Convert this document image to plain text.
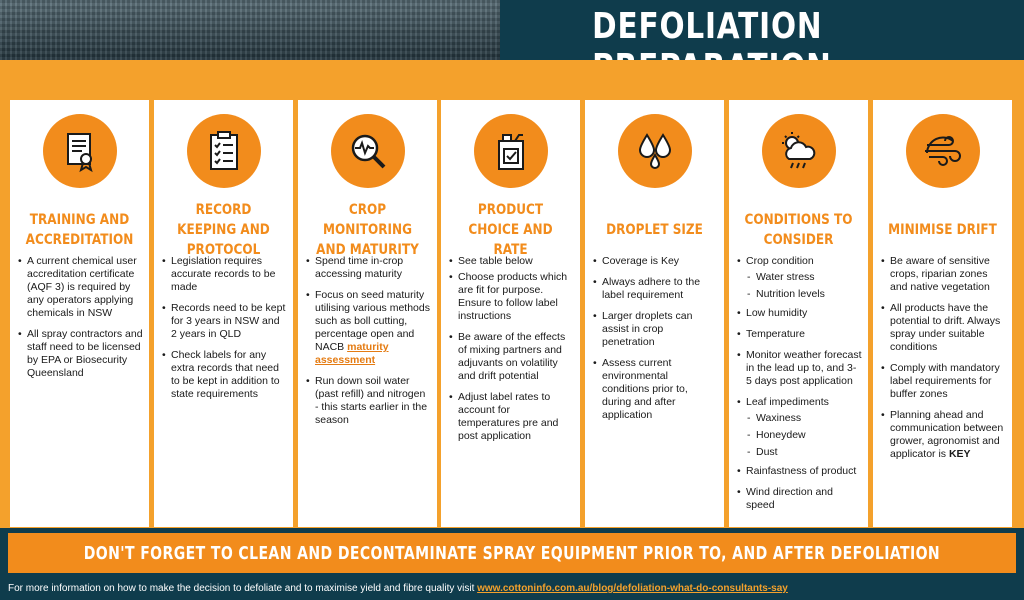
DEFOLIATION
TRAINING AND ACCREDITATION
• A current chemical user accreditation certificate (AQF 3) is required by any operators applying chemicals in NSW
• All spray contractors and staff need to be licensed by EPA or Biosecurity Queensland
RECORD KEEPING AND PROTOCOL
• Legislation requires accurate records to be made
• Records need to be kept for 3 years in NSW and 2 years in QLD
• Check labels for any extra records that need to be kept in addition to state requirements
CROP MONITORING AND MATURITY
• Spend time in-crop accessing maturity
• Focus on seed maturity utilising various methods such as boll cutting, percentage open and NACB maturity assessment
• Run down soil water (past refill) and nitrogen - this starts earlier in the season
PRODUCT CHOICE AND RATE
• See table below
• Choose products which are fit for purpose. Ensure to follow label instructions
• Be aware of the effects of mixing partners and adjuvants on volatility and drift potential
• Adjust label rates to account for temperatures pre and post application
DROPLET SIZE
• Coverage is Key
• Always adhere to the label requirement
• Larger droplets can assist in crop penetration
• Assess current environmental conditions prior to, during and after application
CONDITIONS TO CONSIDER
• Crop condition
- Water stress
- Nutrition levels
• Low humidity
• Temperature
• Monitor weather forecast in the lead up to, and 3-5 days post application
• Leaf impediments
- Waxiness
- Honeydew
- Dust
• Rainfastness of product
• Wind direction and speed
MINIMISE DRIFT
• Be aware of sensitive crops, riparian zones and native vegetation
• All products have the potential to drift. Always spray under suitable conditions
• Comply with mandatory label requirements for buffer zones
• Planning ahead and communication between grower, agronomist and applicator is KEY
DON'T FORGET TO CLEAN AND DECONTAMINATE SPRAY EQUIPMENT PRIOR TO, AND AFTER DEFOLIATION
For more information on how to make the decision to defoliate and to maximise yield and fibre quality visit www.cottoninfo.com.au/blog/defoliation-what-do-consultants-say
